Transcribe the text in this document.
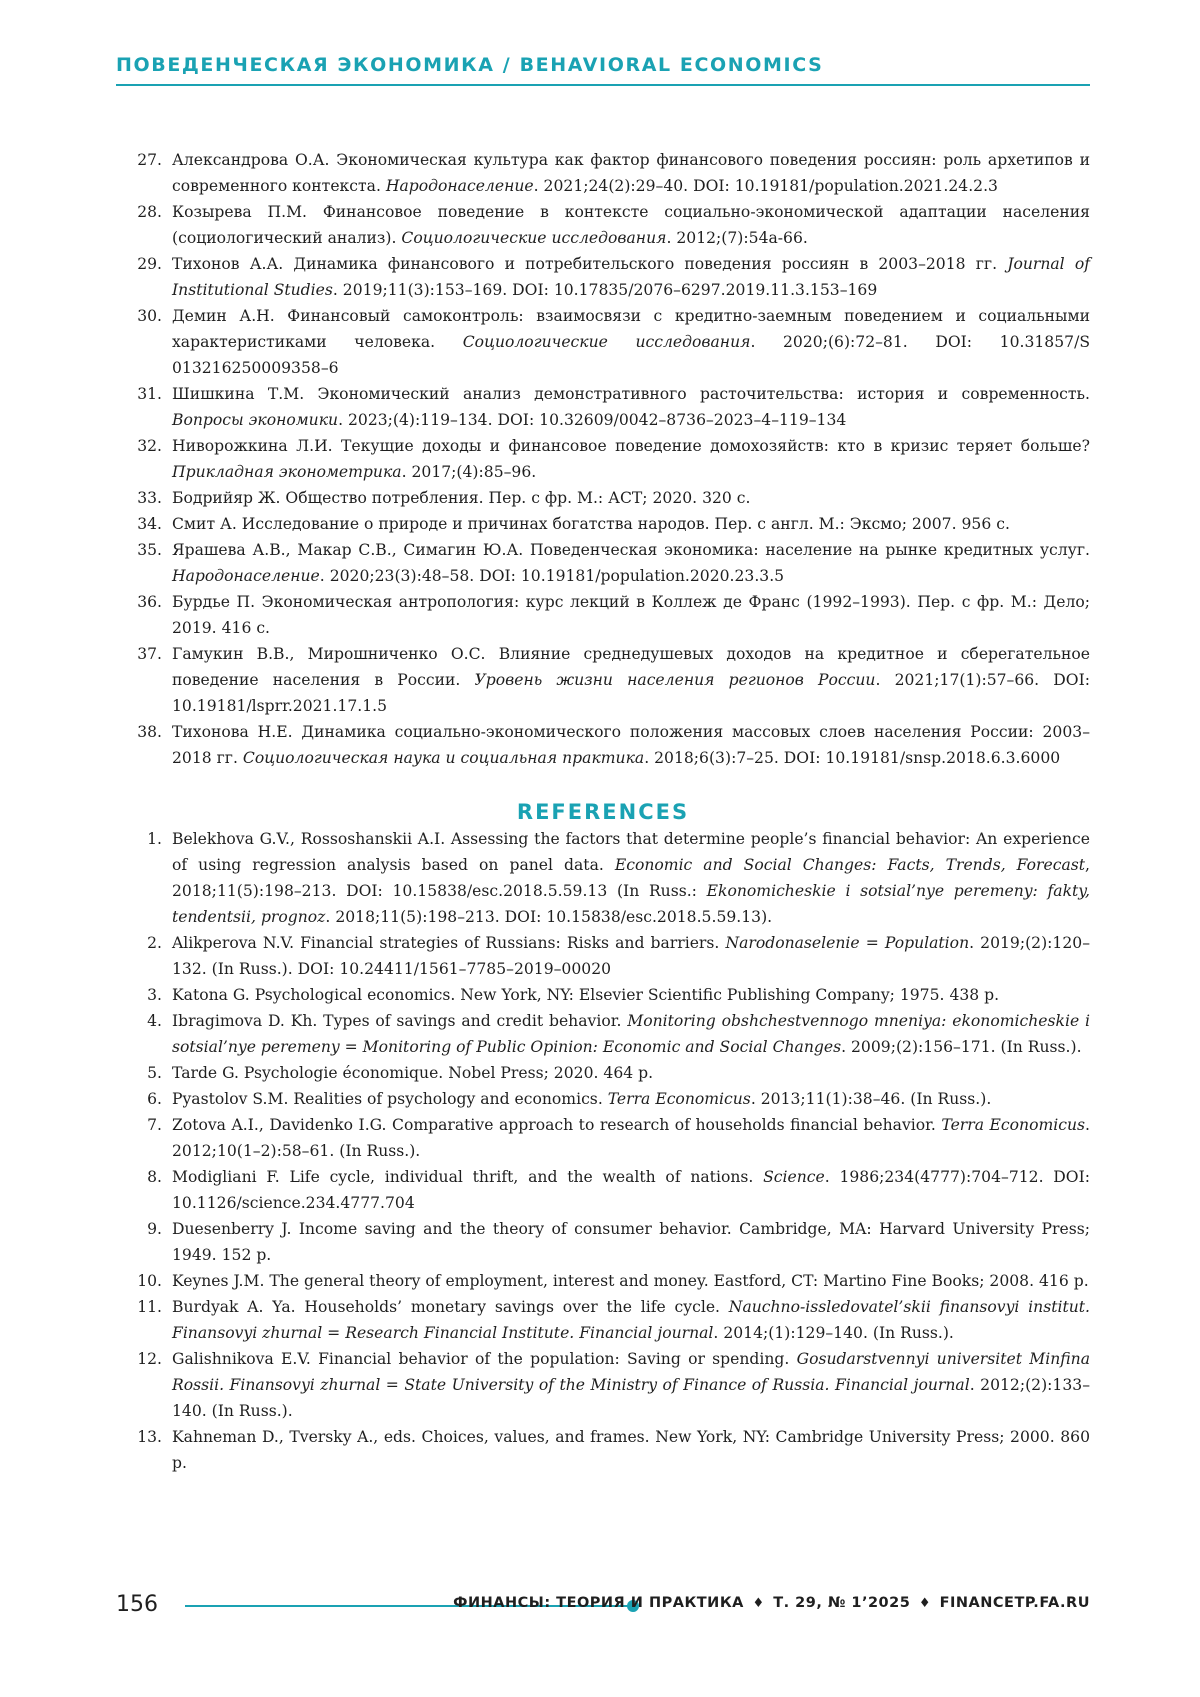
ПОВЕДЕНЧЕСКАЯ ЭКОНОМИКА / BEHAVIORAL ECONOMICS
27. Александрова О.А. Экономическая культура как фактор финансового поведения россиян: роль архетипов и современного контекста. Народонаселение. 2021;24(2):29–40. DOI: 10.19181/population.2021.24.2.3
28. Козырева П.М. Финансовое поведение в контексте социально-экономической адаптации населения (социологический анализ). Социологические исследования. 2012;(7):54a-66.
29. Тихонов А.А. Динамика финансового и потребительского поведения россиян в 2003–2018 гг. Journal of Institutional Studies. 2019;11(3):153–169. DOI: 10.17835/2076–6297.2019.11.3.153–169
30. Демин А.Н. Финансовый самоконтроль: взаимосвязи с кредитно-заемным поведением и социальными характеристиками человека. Социологические исследования. 2020;(6):72–81. DOI: 10.31857/S 013216250009358–6
31. Шишкина Т.М. Экономический анализ демонстративного расточительства: история и современность. Вопросы экономики. 2023;(4):119–134. DOI: 10.32609/0042–8736–2023–4–119–134
32. Ниворожкина Л.И. Текущие доходы и финансовое поведение домохозяйств: кто в кризис теряет больше? Прикладная эконометрика. 2017;(4):85–96.
33. Бодрийяр Ж. Общество потребления. Пер. с фр. М.: АСТ; 2020. 320 с.
34. Смит А. Исследование о природе и причинах богатства народов. Пер. с англ. М.: Эксмо; 2007. 956 с.
35. Ярашева А.В., Макар С.В., Симагин Ю.А. Поведенческая экономика: население на рынке кредитных услуг. Народонаселение. 2020;23(3):48–58. DOI: 10.19181/population.2020.23.3.5
36. Бурдье П. Экономическая антропология: курс лекций в Коллеж де Франс (1992–1993). Пер. с фр. М.: Дело; 2019. 416 с.
37. Гамукин В.В., Мирошниченко О.С. Влияние среднедушевых доходов на кредитное и сберегательное поведение населения в России. Уровень жизни населения регионов России. 2021;17(1):57–66. DOI: 10.19181/lsprr.2021.17.1.5
38. Тихонова Н.Е. Динамика социально-экономического положения массовых слоев населения России: 2003–2018 гг. Социологическая наука и социальная практика. 2018;6(3):7–25. DOI: 10.19181/snsp.2018.6.3.6000
REFERENCES
1. Belekhova G.V., Rossoshanskii A.I. Assessing the factors that determine people’s financial behavior: An experience of using regression analysis based on panel data. Economic and Social Changes: Facts, Trends, Forecast, 2018;11(5):198–213. DOI: 10.15838/esc.2018.5.59.13 (In Russ.: Ekonomicheskie i sotsial’nye peremeny: fakty, tendentsii, prognoz. 2018;11(5):198–213. DOI: 10.15838/esc.2018.5.59.13).
2. Alikperova N.V. Financial strategies of Russians: Risks and barriers. Narodonaselenie = Population. 2019;(2):120–132. (In Russ.). DOI: 10.24411/1561–7785–2019–00020
3. Katona G. Psychological economics. New York, NY: Elsevier Scientific Publishing Company; 1975. 438 p.
4. Ibragimova D. Kh. Types of savings and credit behavior. Monitoring obshchestvennogo mneniya: ekonomicheskie i sotsial’nye peremeny = Monitoring of Public Opinion: Economic and Social Changes. 2009;(2):156–171. (In Russ.).
5. Tarde G. Psychologie économique. Nobel Press; 2020. 464 p.
6. Pyastolov S.M. Realities of psychology and economics. Terra Economicus. 2013;11(1):38–46. (In Russ.).
7. Zotova A.I., Davidenko I.G. Comparative approach to research of households financial behavior. Terra Economicus. 2012;10(1–2):58–61. (In Russ.).
8. Modigliani F. Life cycle, individual thrift, and the wealth of nations. Science. 1986;234(4777):704–712. DOI: 10.1126/science.234.4777.704
9. Duesenberry J. Income saving and the theory of consumer behavior. Cambridge, MA: Harvard University Press; 1949. 152 p.
10. Keynes J.M. The general theory of employment, interest and money. Eastford, CT: Martino Fine Books; 2008. 416 p.
11. Burdyak A. Ya. Households’ monetary savings over the life cycle. Nauchno-issledovatel’skii finansovyi institut. Finansovyi zhurnal = Research Financial Institute. Financial journal. 2014;(1):129–140. (In Russ.).
12. Galishnikova E.V. Financial behavior of the population: Saving or spending. Gosudarstvennyi universitet Minfina Rossii. Finansovyi zhurnal = State University of the Ministry of Finance of Russia. Financial journal. 2012;(2):133–140. (In Russ.).
13. Kahneman D., Tversky A., eds. Choices, values, and frames. New York, NY: Cambridge University Press; 2000. 860 p.
156	ФИНАНСЫ: ТЕОРИЯ И ПРАКТИКА ♦ Т. 29, № 1’2025 ♦ FINANCETP.FA.RU
